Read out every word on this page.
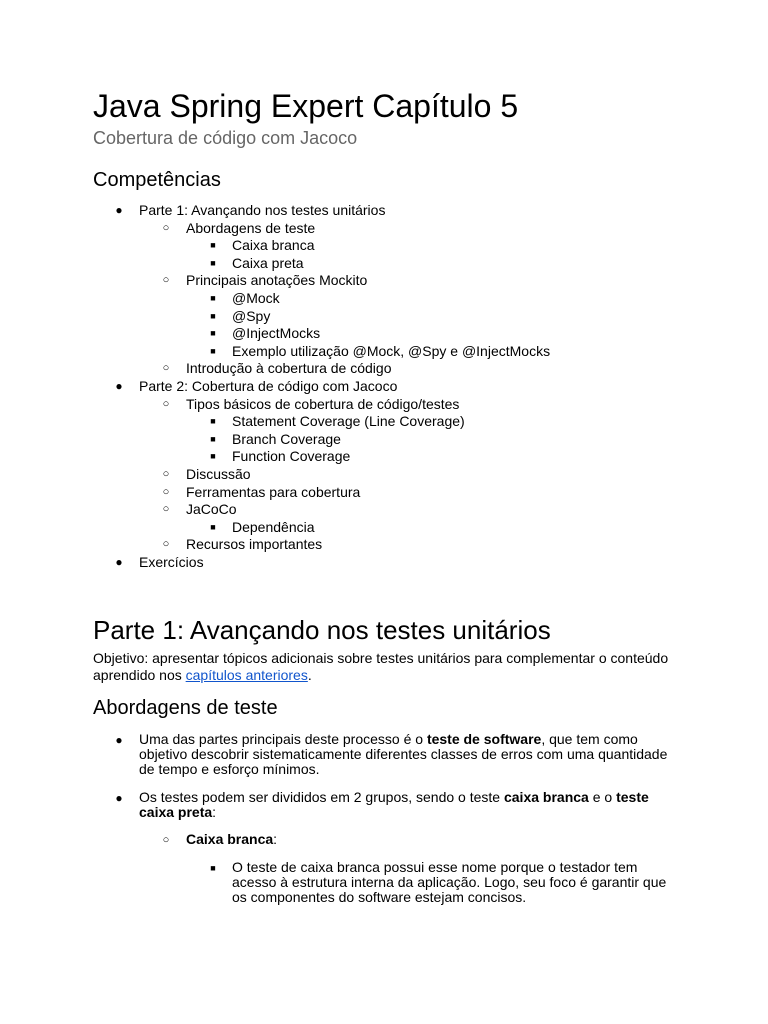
Java Spring Expert Capítulo 5
Cobertura de código com Jacoco
Competências
● Parte 1: Avançando nos testes unitários
○ Abordagens de teste
■	Caixa branca
■	Caixa preta
○ Principais anotações Mockito
■	@Mock
■	@Spy
■	@InjectMocks
■	Exemplo utilização @Mock, @Spy e @InjectMocks
○ Introdução à cobertura de código
● Parte 2: Cobertura de código com Jacoco
○ Tipos básicos de cobertura de código/testes
■	Statement Coverage (Line Coverage)
■	Branch Coverage
■	Function Coverage
○ Discussão
○ Ferramentas para cobertura
○ JaCoCo
■	Dependência
○ Recursos importantes
● Exercícios
Parte 1: Avançando nos testes unitários
Objetivo: apresentar tópicos adicionais sobre testes unitários para complementar o conteúdo aprendido nos capítulos anteriores.
Abordagens de teste
● Uma das partes principais deste processo é o teste de software, que tem como objetivo descobrir sistematicamente diferentes classes de erros com uma quantidade de tempo e esforço mínimos.
● Os testes podem ser divididos em 2 grupos, sendo o teste caixa branca e o teste caixa preta:
○ Caixa branca:
■	O teste de caixa branca possui esse nome porque o testador tem acesso à estrutura interna da aplicação. Logo, seu foco é garantir que os componentes do software estejam concisos.
